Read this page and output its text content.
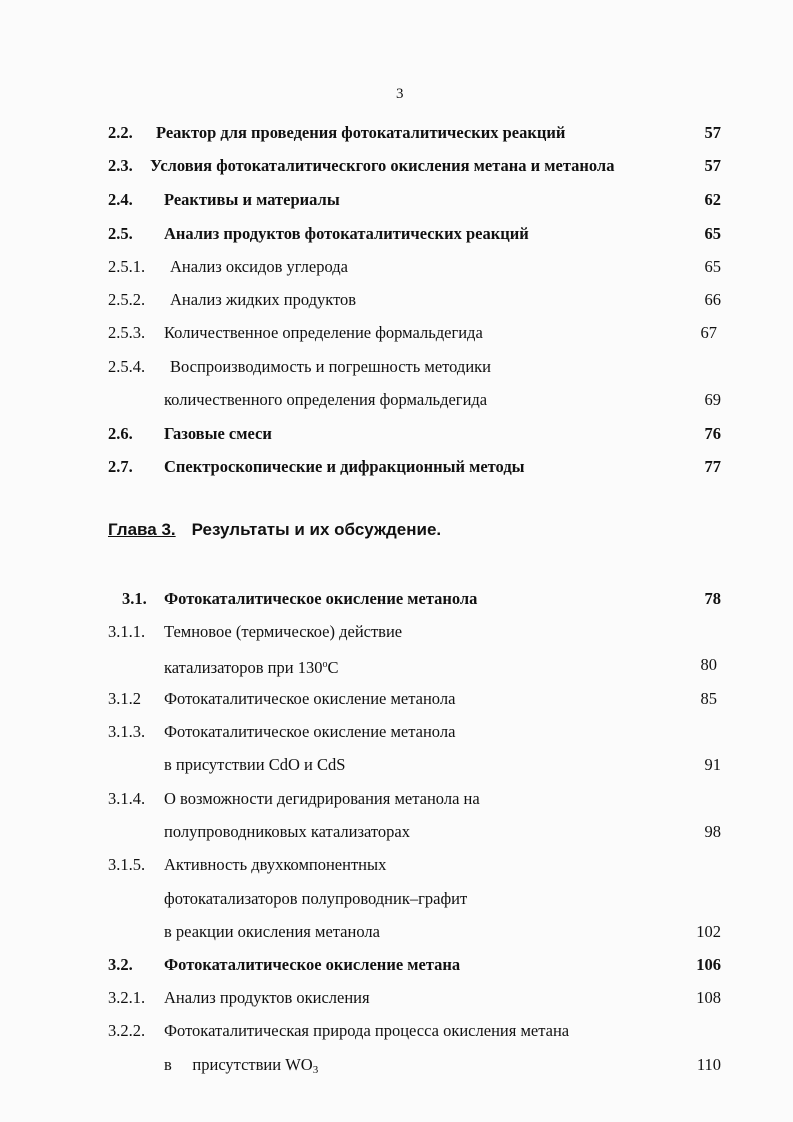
3
2.2. Реактор для проведения фотокаталитических реакций	57
2.3. Условия фотокаталитическгого окисления метана и метанола	57
2.4. Реактивы и материалы	62
2.5. Анализ продуктов фотокаталитических реакций	65
2.5.1. Анализ оксидов углерода	65
2.5.2. Анализ жидких продуктов	66
2.5.3. Количественное определение формальдегида	67
2.5.4. Воспроизводимость и погрешность методики
количественного определения формальдегида	69
2.6. Газовые смеси	76
2.7. Спектроскопические и дифракционный методы	77
Глава 3. Результаты и их обсуждение.
3.1. Фотокаталитическое окисление метанола	78
3.1.1. Темновое (термическое) действие
катализаторов при 130$^o$С	80
3.1.2 Фотокаталитическое окисление метанола	85
3.1.3. Фотокаталитическое окисление метанола
в присутствии CdO и CdS	91
3.1.4. О возможности дегидрирования метанола на
полупроводниковых катализаторах	98
3.1.5. Активность двухкомпонентных
фотокатализаторов полупроводник–графит
в реакции окисления метанола	102
3.2. Фотокаталитическое окисление метана	106
3.2.1. Анализ продуктов окисления	108
3.2.2. Фотокаталитическая природа процесса окисления метана
в     присутствии $WO_3$	110
